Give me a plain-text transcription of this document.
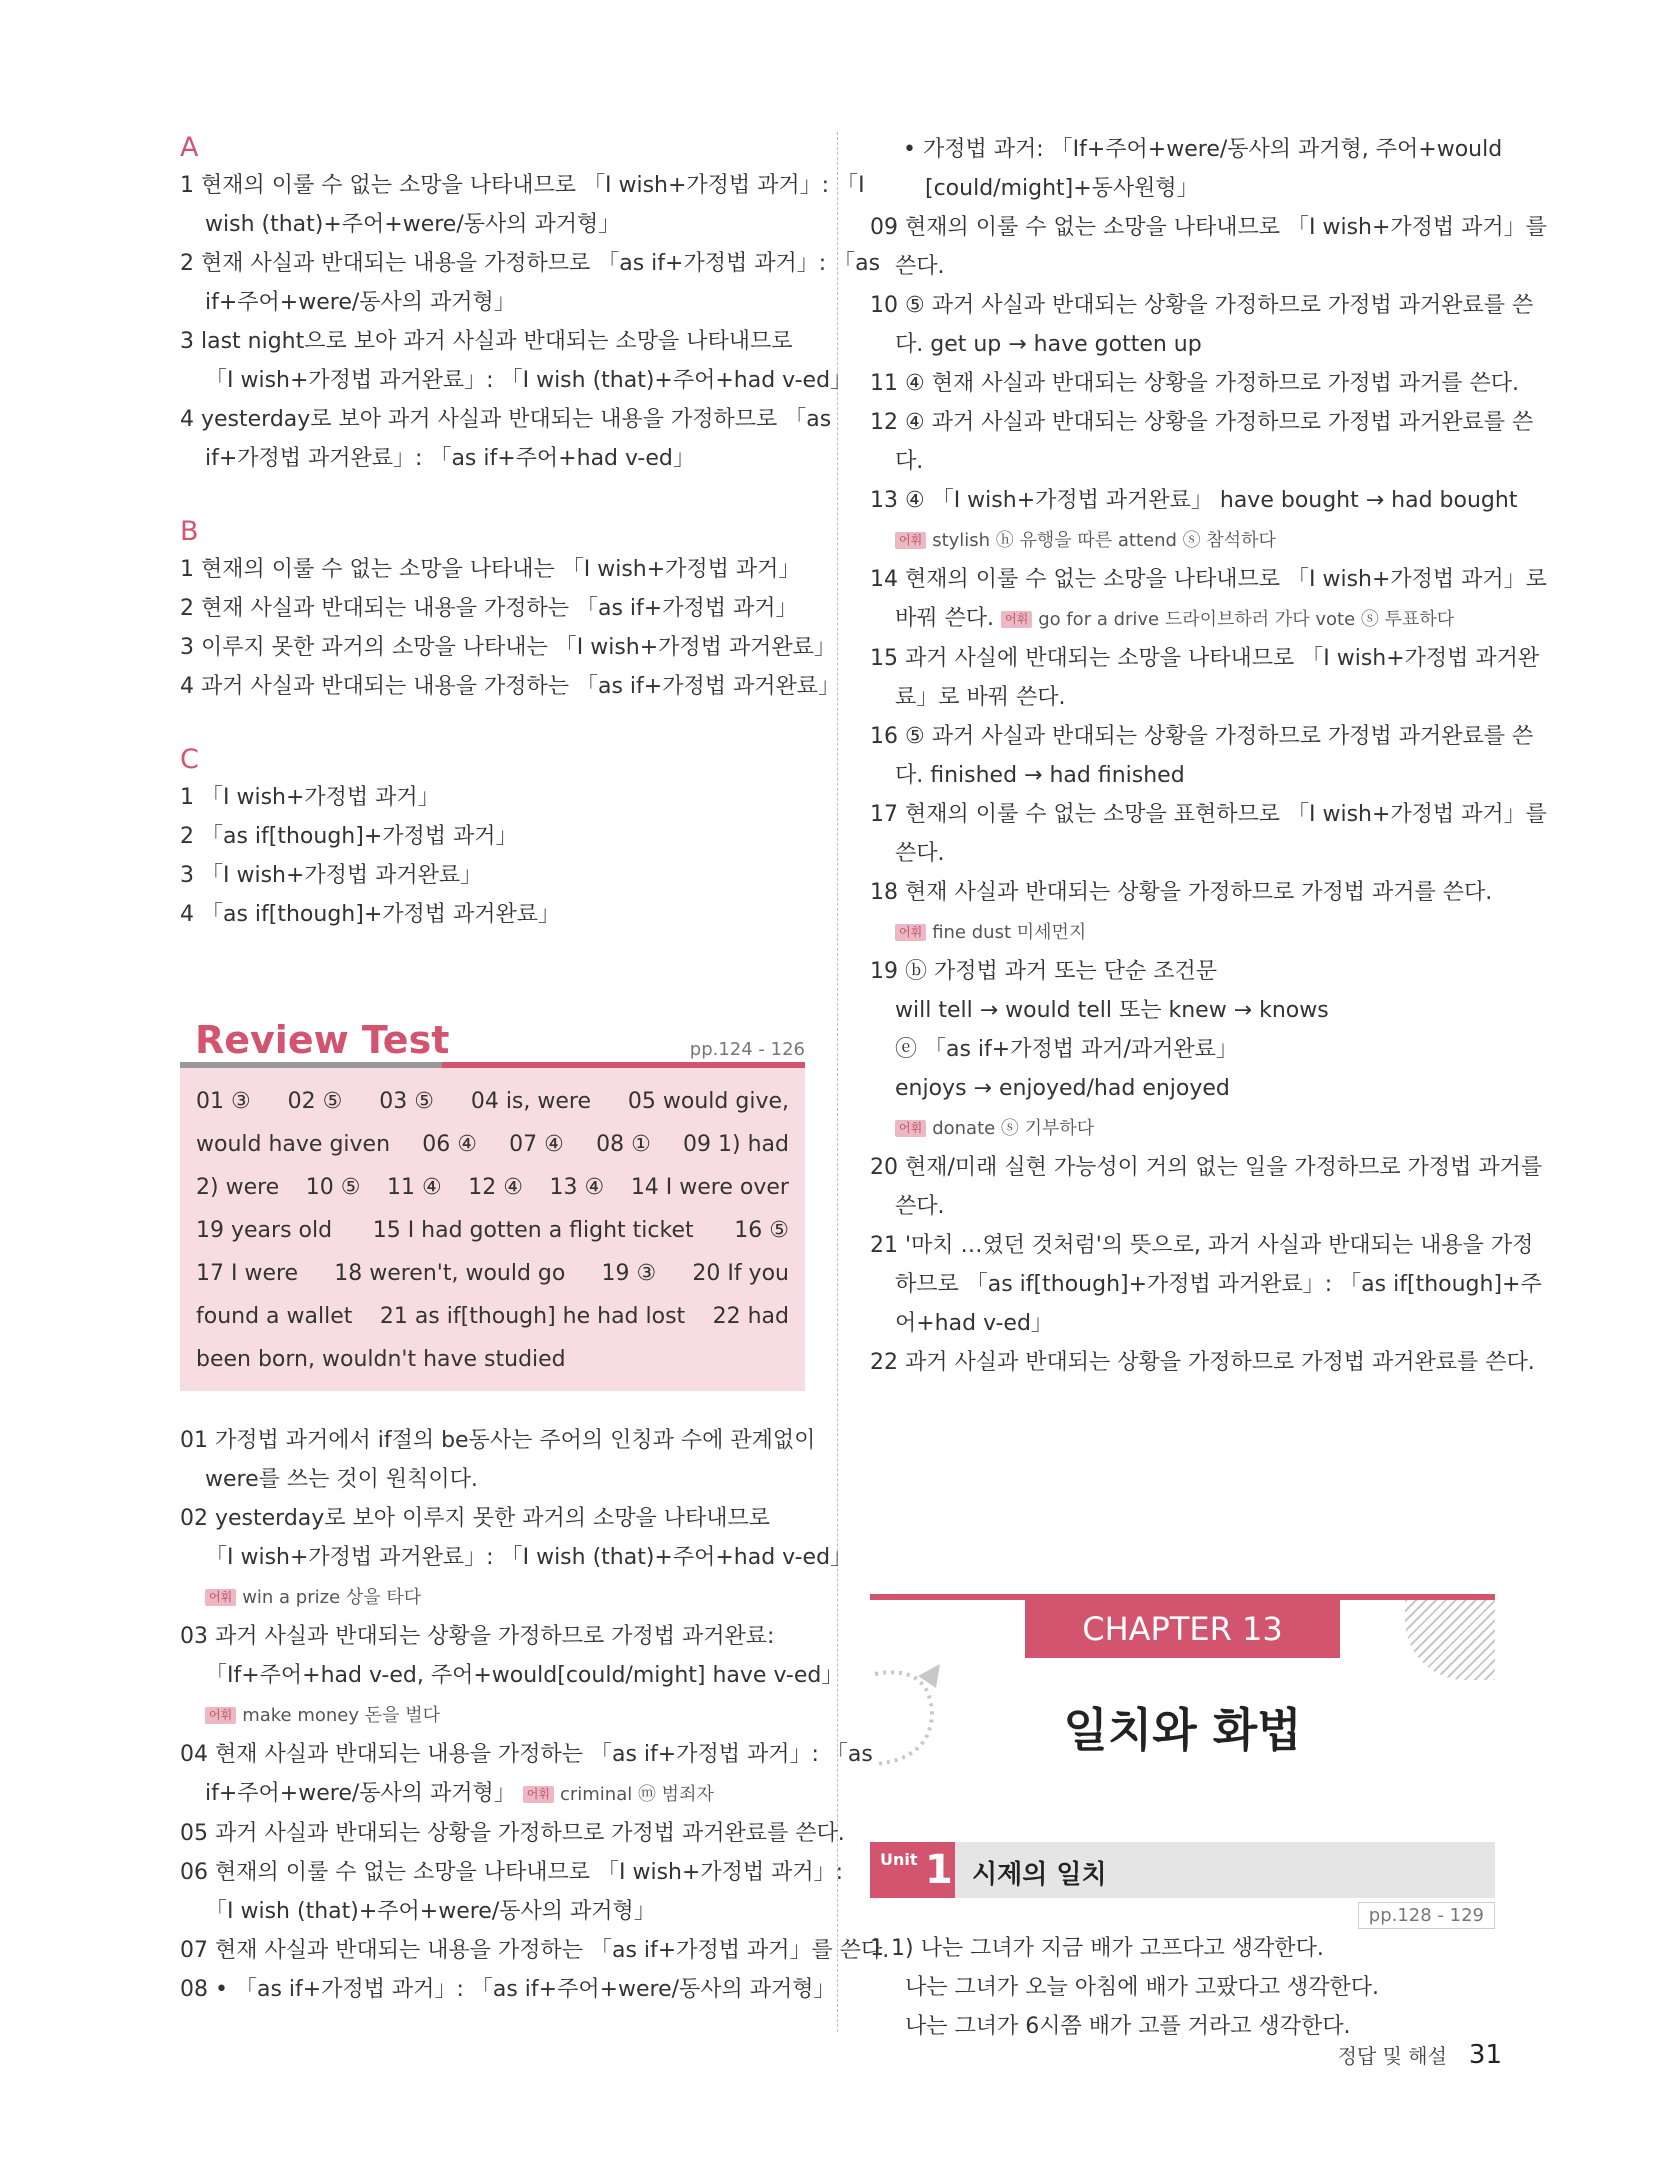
A
1 현재의 이룰 수 없는 소망을 나타내므로 「I wish+가정법 과거」: 「I
wish (that)+주어+were/동사의 과거형」
2 현재 사실과 반대되는 내용을 가정하므로 「as if+가정법 과거」: 「as
if+주어+were/동사의 과거형」
3 last night으로 보아 과거 사실과 반대되는 소망을 나타내므로
「I wish+가정법 과거완료」: 「I wish (that)+주어+had v-ed」
4 yesterday로 보아 과거 사실과 반대되는 내용을 가정하므로 「as
if+가정법 과거완료」: 「as if+주어+had v-ed」
B
1 현재의 이룰 수 없는 소망을 나타내는 「I wish+가정법 과거」
2 현재 사실과 반대되는 내용을 가정하는 「as if+가정법 과거」
3 이루지 못한 과거의 소망을 나타내는 「I wish+가정법 과거완료」
4 과거 사실과 반대되는 내용을 가정하는 「as if+가정법 과거완료」
C
1 「I wish+가정법 과거」
2 「as if[though]+가정법 과거」
3 「I wish+가정법 과거완료」
4 「as if[though]+가정법 과거완료」
Review Test	pp.124 - 126
01 ③ 02 ⑤ 03 ⑤ 04 is, were 05 would give,
would have given 06 ④ 07 ④ 08 ① 09 1) had
2) were 10 ⑤ 11 ④ 12 ④ 13 ④ 14 I were over
19 years old 15 I had gotten a flight ticket 16 ⑤
17 I were 18 weren't, would go 19 ③ 20 If you
found a wallet 21 as if[though] he had lost 22 had
been born, wouldn't have studied
01 가정법 과거에서 if절의 be동사는 주어의 인칭과 수에 관계없이
were를 쓰는 것이 원칙이다.
02 yesterday로 보아 이루지 못한 과거의 소망을 나타내므로
「I wish+가정법 과거완료」: 「I wish (that)+주어+had v-ed」
어휘 win a prize 상을 타다
03 과거 사실과 반대되는 상황을 가정하므로 가정법 과거완료:
「If+주어+had v-ed, 주어+would[could/might] have v-ed」
어휘 make money 돈을 벌다
04 현재 사실과 반대되는 내용을 가정하는 「as if+가정법 과거」: 「as
if+주어+were/동사의 과거형」 어휘 criminal ⓜ 범죄자
05 과거 사실과 반대되는 상황을 가정하므로 가정법 과거완료를 쓴다.
06 현재의 이룰 수 없는 소망을 나타내므로 「I wish+가정법 과거」:
「I wish (that)+주어+were/동사의 과거형」
07 현재 사실과 반대되는 내용을 가정하는 「as if+가정법 과거」를 쓴다.
08 • 「as if+가정법 과거」: 「as if+주어+were/동사의 과거형」
• 가정법 과거: 「If+주어+were/동사의 과거형, 주어+would
[could/might]+동사원형」
09 현재의 이룰 수 없는 소망을 나타내므로 「I wish+가정법 과거」를
쓴다.
10 ⑤ 과거 사실과 반대되는 상황을 가정하므로 가정법 과거완료를 쓴
다. get up → have gotten up
11 ④ 현재 사실과 반대되는 상황을 가정하므로 가정법 과거를 쓴다.
12 ④ 과거 사실과 반대되는 상황을 가정하므로 가정법 과거완료를 쓴
다.
13 ④ 「I wish+가정법 과거완료」 have bought → had bought
어휘 stylish ⓗ 유행을 따른 attend ⓢ 참석하다
14 현재의 이룰 수 없는 소망을 나타내므로 「I wish+가정법 과거」로
바꿔 쓴다. 어휘 go for a drive 드라이브하러 가다 vote ⓢ 투표하다
15 과거 사실에 반대되는 소망을 나타내므로 「I wish+가정법 과거완
료」로 바꿔 쓴다.
16 ⑤ 과거 사실과 반대되는 상황을 가정하므로 가정법 과거완료를 쓴
다. finished → had finished
17 현재의 이룰 수 없는 소망을 표현하므로 「I wish+가정법 과거」를
쓴다.
18 현재 사실과 반대되는 상황을 가정하므로 가정법 과거를 쓴다.
어휘 fine dust 미세먼지
19 ⓑ 가정법 과거 또는 단순 조건문
will tell → would tell 또는 knew → knows
ⓔ 「as if+가정법 과거/과거완료」
enjoys → enjoyed/had enjoyed
어휘 donate ⓢ 기부하다
20 현재/미래 실현 가능성이 거의 없는 일을 가정하므로 가정법 과거를
쓴다.
21 '마치 …였던 것처럼'의 뜻으로, 과거 사실과 반대되는 내용을 가정
하므로 「as if[though]+가정법 과거완료」: 「as if[though]+주
어+had v-ed」
22 과거 사실과 반대되는 상황을 가정하므로 가정법 과거완료를 쓴다.
CHAPTER 13
일치와 화법
Unit 1 시제의 일치
pp.128 - 129
1 1) 나는 그녀가 지금 배가 고프다고 생각한다.
나는 그녀가 오늘 아침에 배가 고팠다고 생각한다.
나는 그녀가 6시쯤 배가 고플 거라고 생각한다.
정답 및 해설 31
